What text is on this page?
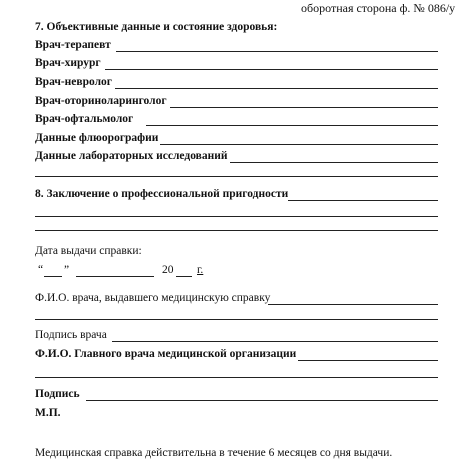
оборотная сторона ф. № 086/у
7. Объективные данные и состояние здоровья:
Врач-терапевт
Врач-хирург
Врач-невролог
Врач-оториноларинголог
Врач-офтальмолог
Данные флюорографии
Данные лабораторных исследований
8. Заключение о профессиональной пригодности
Дата выдачи справки:
“ ”	20 г.
Ф.И.О. врача, выдавшего медицинскую справку
Подпись врача
Ф.И.О. Главного врача медицинской организации
Подпись
М.П.
Медицинская справка действительна в течение 6 месяцев со дня выдачи.
